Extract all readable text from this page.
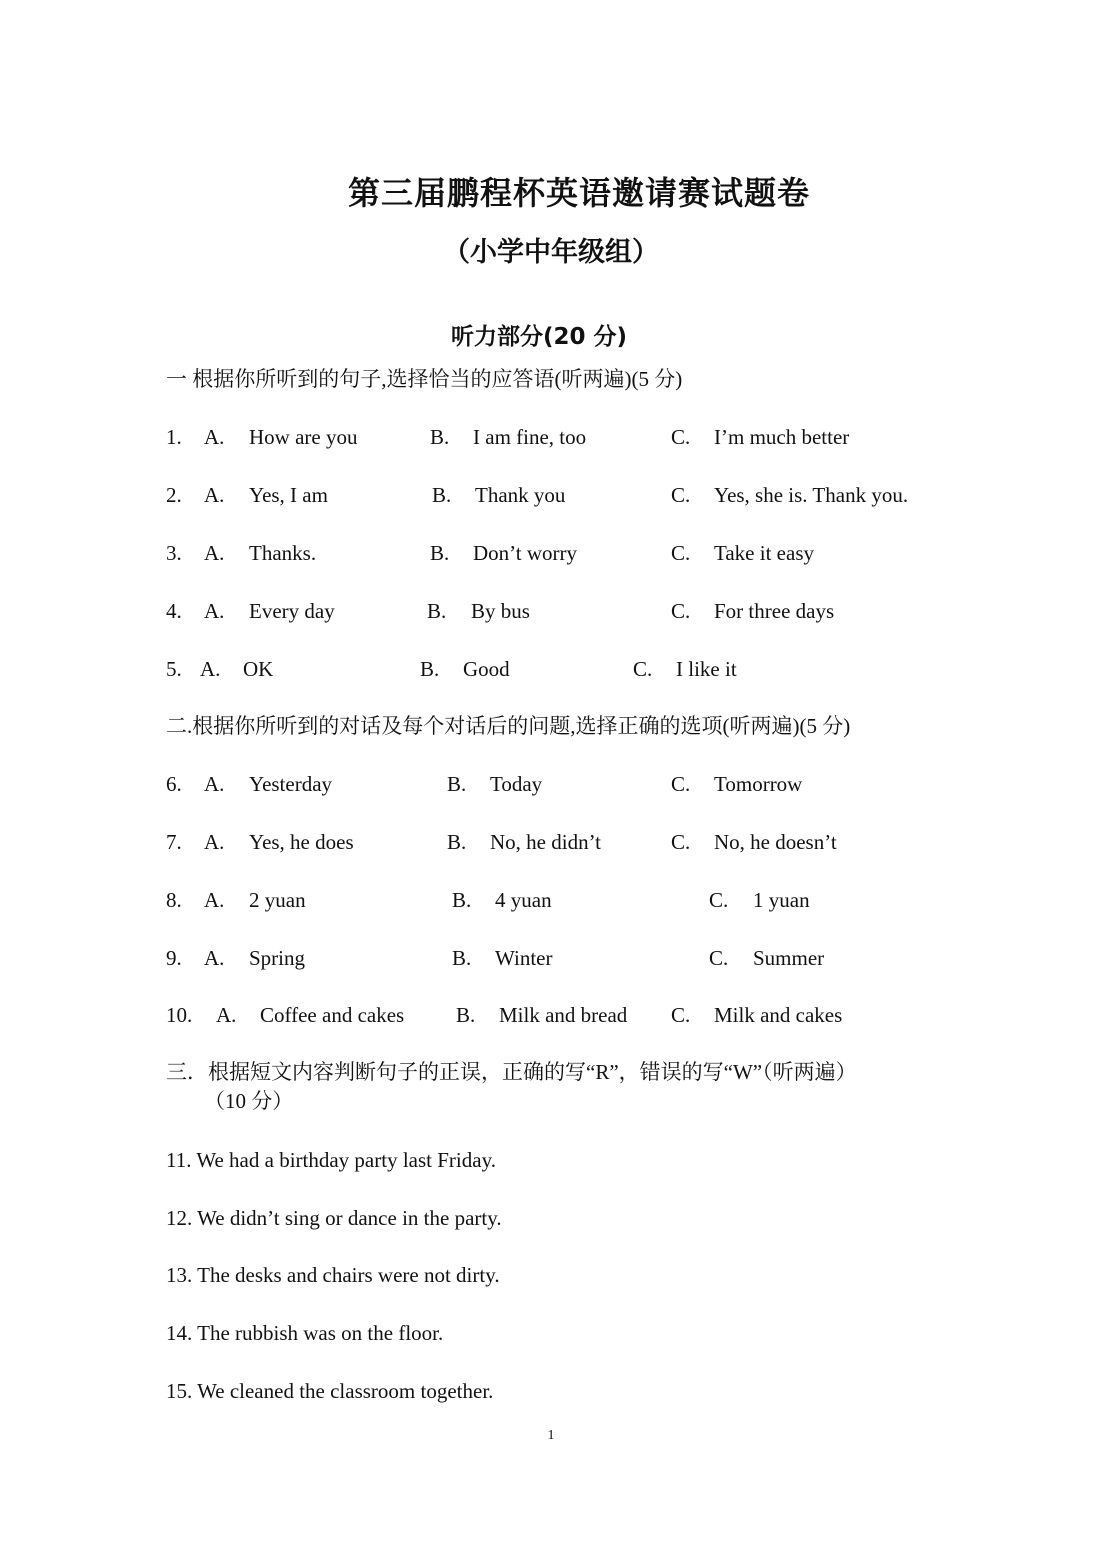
第三届鹏程杯英语邀请赛试题卷
（小学中年级组）
听力部分(20 分)
一 根据你所听到的句子,选择恰当的应答语(听两遍)(5 分)
1. A. How are you	B. I am fine, too	C. I’m much better
2. A. Yes, I am	B. Thank you	C. Yes, she is. Thank you.
3. A. Thanks.	B. Don’t worry	C. Take it easy
4. A. Every day	B. By bus	C. For three days
5. A. OK	B. Good	C. I like it
二.根据你所听到的对话及每个对话后的问题,选择正确的选项(听两遍)(5 分)
6. A. Yesterday	B. Today	C. Tomorrow
7. A. Yes, he does	B. No, he didn’t	C. No, he doesn’t
8. A. 2 yuan	B. 4 yuan	C. 1 yuan
9. A. Spring	B. Winter	C. Summer
10. A. Coffee and cakes B. Milk and bread C. Milk and cakes
三．根据短文内容判断句子的正误，正确的写“R”，错误的写“W”（听两遍）
（10 分）
11. We had a birthday party last Friday.
12. We didn’t sing or dance in the party.
13. The desks and chairs were not dirty.
14. The rubbish was on the floor.
15. We cleaned the classroom together.
1
